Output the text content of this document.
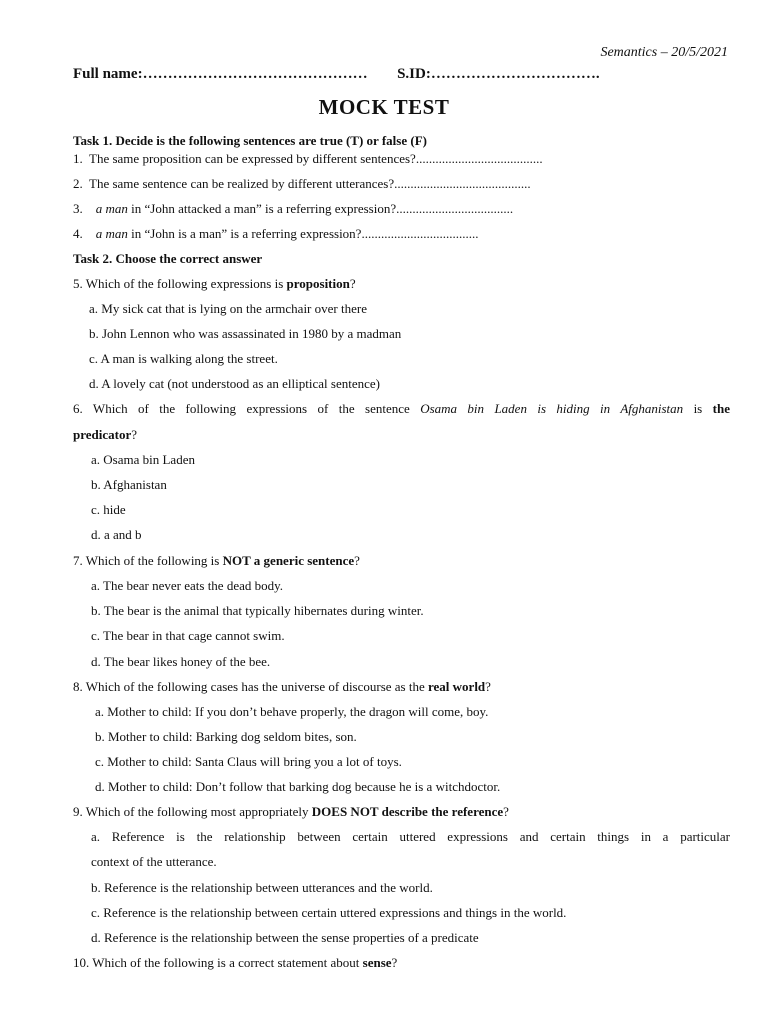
Semantics – 20/5/2021
Full name:……………………………………… S.ID:…………………………….
MOCK TEST
Task 1. Decide is the following sentences are true (T) or false (F)
1. The same proposition can be expressed by different sentences?.......................................
2. The same sentence can be realized by different utterances?..........................................
3. a man in “John attacked a man” is a referring expression?....................................
4. a man in “John is a man” is a referring expression?....................................
Task 2. Choose the correct answer
5. Which of the following expressions is proposition?
a. My sick cat that is lying on the armchair over there
b. John Lennon who was assassinated in 1980 by a madman
c. A man is walking along the street.
d. A lovely cat (not understood as an elliptical sentence)
6. Which of the following expressions of the sentence Osama bin Laden is hiding in Afghanistan is the
predicator?
a. Osama bin Laden
b. Afghanistan
c. hide
d. a and b
7. Which of the following is NOT a generic sentence?
a. The bear never eats the dead body.
b. The bear is the animal that typically hibernates during winter.
c. The bear in that cage cannot swim.
d. The bear likes honey of the bee.
8. Which of the following cases has the universe of discourse as the real world?
a. Mother to child: If you don’t behave properly, the dragon will come, boy.
b. Mother to child: Barking dog seldom bites, son.
c. Mother to child: Santa Claus will bring you a lot of toys.
d. Mother to child: Don’t follow that barking dog because he is a witchdoctor.
9. Which of the following most appropriately DOES NOT describe the reference?
a. Reference is the relationship between certain uttered expressions and certain things in a particular
context of the utterance.
b. Reference is the relationship between utterances and the world.
c. Reference is the relationship between certain uttered expressions and things in the world.
d. Reference is the relationship between the sense properties of a predicate
10. Which of the following is a correct statement about sense?
